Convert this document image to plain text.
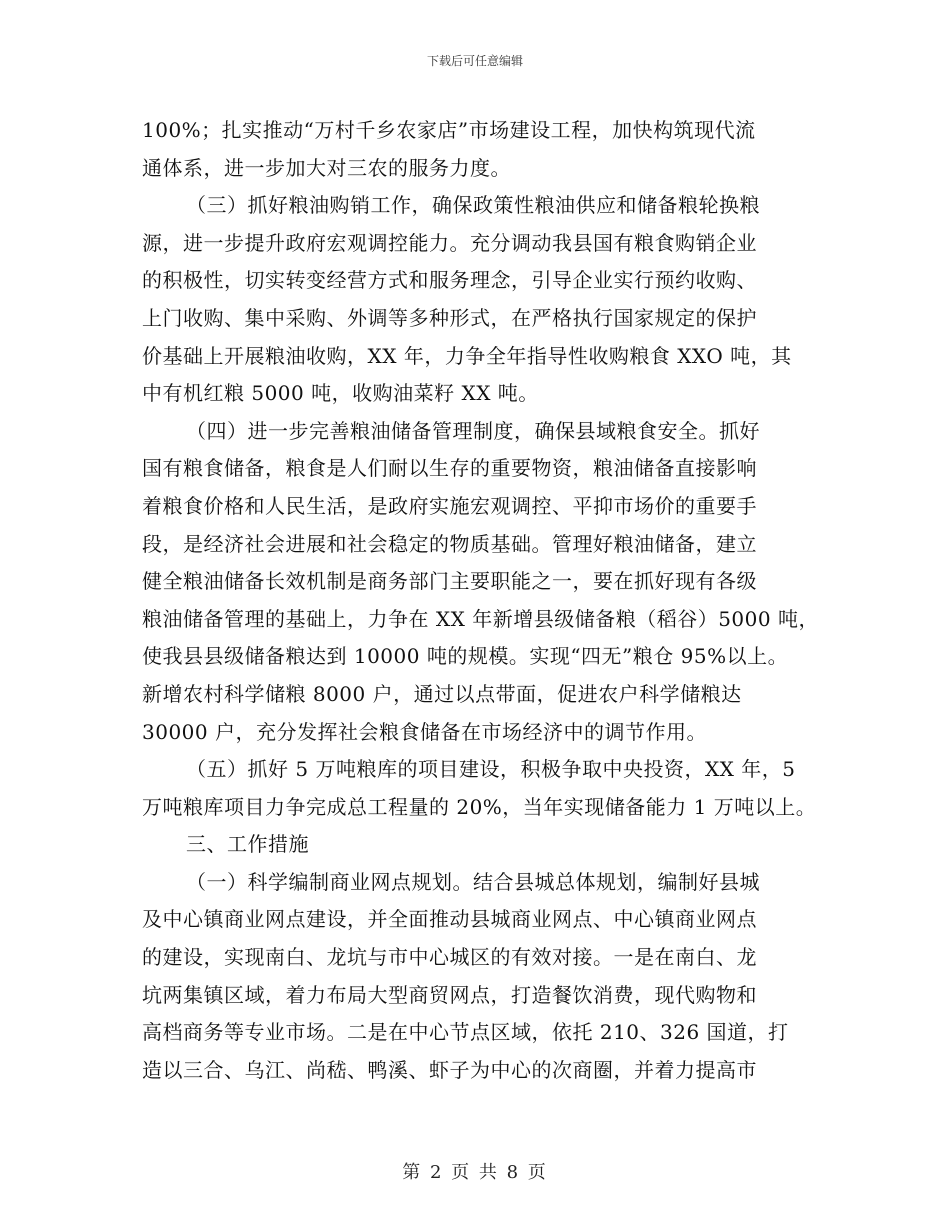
下载后可任意编辑
100%；扎实推动“万村千乡农家店”市场建设工程，加快构筑现代流
通体系，进一步加大对三农的服务力度。
（三）抓好粮油购销工作，确保政策性粮油供应和储备粮轮换粮
源，进一步提升政府宏观调控能力。充分调动我县国有粮食购销企业
的积极性，切实转变经营方式和服务理念，引导企业实行预约收购、
上门收购、集中采购、外调等多种形式，在严格执行国家规定的保护
价基础上开展粮油收购，XX 年，力争全年指导性收购粮食 XXO 吨，其
中有机红粮 5000 吨，收购油菜籽 XX 吨。
（四）进一步完善粮油储备管理制度，确保县域粮食安全。抓好
国有粮食储备，粮食是人们耐以生存的重要物资，粮油储备直接影响
着粮食价格和人民生活，是政府实施宏观调控、平抑市场价的重要手
段，是经济社会进展和社会稳定的物质基础。管理好粮油储备，建立
健全粮油储备长效机制是商务部门主要职能之一，要在抓好现有各级
粮油储备管理的基础上，力争在 XX 年新增县级储备粮（稻谷）5000 吨，
使我县县级储备粮达到 10000 吨的规模。实现“四无”粮仓 95%以上。
新增农村科学储粮 8000 户，通过以点带面，促进农户科学储粮达
30000 户，充分发挥社会粮食储备在市场经济中的调节作用。
（五）抓好 5 万吨粮库的项目建设，积极争取中央投资，XX 年，5
万吨粮库项目力争完成总工程量的 20%，当年实现储备能力 1 万吨以上。
三、工作措施
（一）科学编制商业网点规划。结合县城总体规划，编制好县城
及中心镇商业网点建设，并全面推动县城商业网点、中心镇商业网点
的建设，实现南白、龙坑与市中心城区的有效对接。一是在南白、龙
坑两集镇区域，着力布局大型商贸网点，打造餐饮消费，现代购物和
高档商务等专业市场。二是在中心节点区域，依托 210、326 国道，打
造以三合、乌江、尚嵇、鸭溪、虾子为中心的次商圈，并着力提高市
第 2 页 共 8 页
